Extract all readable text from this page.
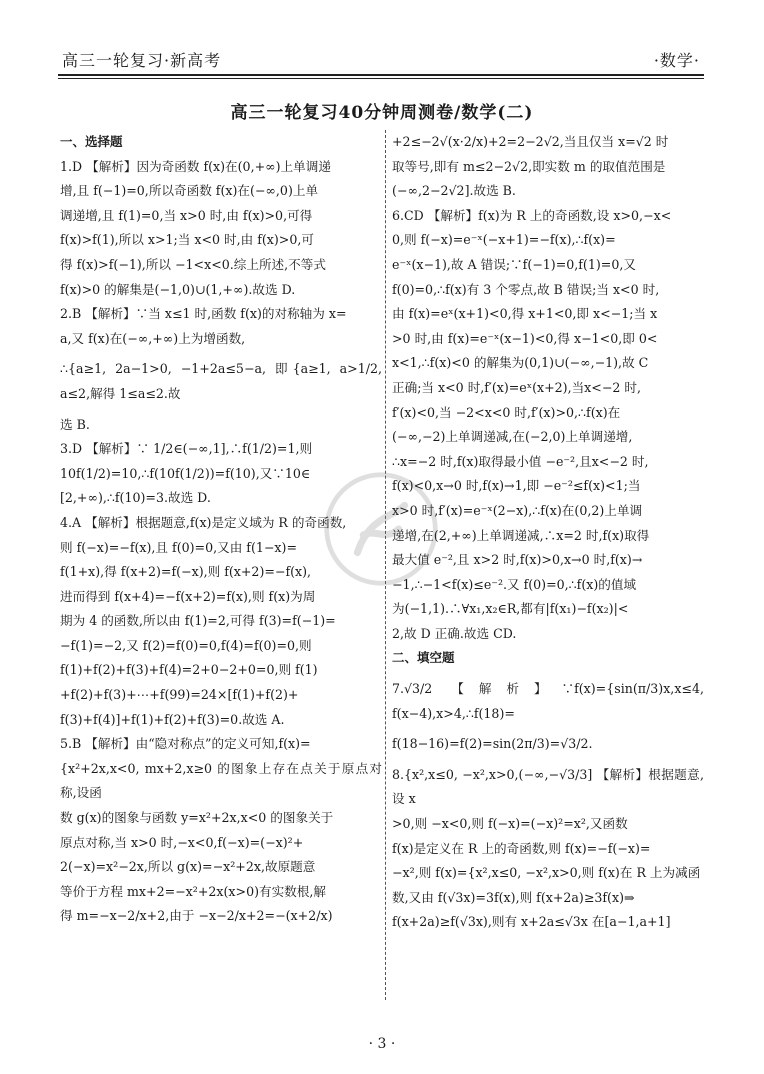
高三一轮复习·新高考	·数学·
高三一轮复习40分钟周测卷/数学(二)

一、选择题

1.D 【解析】因为奇函数 f(x)在(0,+∞)上单调递

增,且 f(−1)=0,所以奇函数 f(x)在(−∞,0)上单

调递增,且 f(1)=0,当 x>0 时,由 f(x)>0,可得

f(x)>f(1),所以 x>1;当 x<0 时,由 f(x)>0,可

得 f(x)>f(−1),所以 −1<x<0.综上所述,不等式

f(x)>0 的解集是(−1,0)∪(1,+∞).故选 D.

2.B 【解析】∵当 x≤1 时,函数 f(x)的对称轴为 x=

a,又 f(x)在(−∞,+∞)上为增函数,

∴{a≥1, 2a−1>0, −1+2a≤5−a, 即{a≥1, a>1/2, a≤2,解得 1≤a≤2.故

选 B.

3.D 【解析】∵ 1/2∈(−∞,1],∴f(1/2)=1,则

10f(1/2)=10,∴f(10f(1/2))=f(10),又∵10∈

[2,+∞),∴f(10)=3.故选 D.

4.A 【解析】根据题意,f(x)是定义域为 R 的奇函数,

则 f(−x)=−f(x),且 f(0)=0,又由 f(1−x)=

f(1+x),得 f(x+2)=f(−x),则 f(x+2)=−f(x),

进而得到 f(x+4)=−f(x+2)=f(x),则 f(x)为周

期为 4 的函数,所以由 f(1)=2,可得 f(3)=f(−1)=

−f(1)=−2,又 f(2)=f(0)=0,f(4)=f(0)=0,则

f(1)+f(2)+f(3)+f(4)=2+0−2+0=0,则 f(1)

+f(2)+f(3)+⋯+f(99)=24×[f(1)+f(2)+

f(3)+f(4)]+f(1)+f(2)+f(3)=0.故选 A.

5.B 【解析】由“隐对称点”的定义可知,f(x)=

{x²+2x,x<0, mx+2,x≥0 的图象上存在点关于原点对称,设函

数 g(x)的图象与函数 y=x²+2x,x<0 的图象关于

原点对称,当 x>0 时,−x<0,f(−x)=(−x)²+

2(−x)=x²−2x,所以 g(x)=−x²+2x,故原题意

等价于方程 mx+2=−x²+2x(x>0)有实数根,解

得 m=−x−2/x+2,由于 −x−2/x+2=−(x+2/x)

+2≤−2√(x·2/x)+2=2−2√2,当且仅当 x=√2 时

取等号,即有 m≤2−2√2,即实数 m 的取值范围是

(−∞,2−2√2].故选 B.

6.CD 【解析】f(x)为 R 上的奇函数,设 x>0,−x<

0,则 f(−x)=e⁻ˣ(−x+1)=−f(x),∴f(x)=

e⁻ˣ(x−1),故 A 错误;∵f(−1)=0,f(1)=0,又

f(0)=0,∴f(x)有 3 个零点,故 B 错误;当 x<0 时,

由 f(x)=eˣ(x+1)<0,得 x+1<0,即 x<−1;当 x

>0 时,由 f(x)=e⁻ˣ(x−1)<0,得 x−1<0,即 0<

x<1,∴f(x)<0 的解集为(0,1)∪(−∞,−1),故 C

正确;当 x<0 时,f′(x)=eˣ(x+2),当x<−2 时,

f′(x)<0,当 −2<x<0 时,f′(x)>0,∴f(x)在

(−∞,−2)上单调递减,在(−2,0)上单调递增,

∴x=−2 时,f(x)取得最小值 −e⁻²,且x<−2 时,

f(x)<0,x→0 时,f(x)→1,即 −e⁻²≤f(x)<1;当

x>0 时,f′(x)=e⁻ˣ(2−x),∴f(x)在(0,2)上单调

递增,在(2,+∞)上单调递减,∴x=2 时,f(x)取得

最大值 e⁻²,且 x>2 时,f(x)>0,x→0 时,f(x)→

−1,∴−1<f(x)≤e⁻².又 f(0)=0,∴f(x)的值域

为(−1,1).∴∀x₁,x₂∈R,都有|f(x₁)−f(x₂)|<

2,故 D 正确.故选 CD.

二、填空题

7.√3/2 【解析】∵f(x)={sin(π/3)x,x≤4, f(x−4),x>4,∴f(18)=

f(18−16)=f(2)=sin(2π/3)=√3/2.

8.{x²,x≤0, −x²,x>0,(−∞,−√3/3] 【解析】根据题意,设 x

>0,则 −x<0,则 f(−x)=(−x)²=x²,又函数

f(x)是定义在 R 上的奇函数,则 f(x)=−f(−x)=

−x²,则 f(x)={x²,x≤0, −x²,x>0,则 f(x)在 R 上为减函

数,又由 f(√3x)=3f(x),则 f(x+2a)≥3f(x)⇒

f(x+2a)≥f(√3x),则有 x+2a≤√3x 在[a−1,a+1]

· 3 ·
